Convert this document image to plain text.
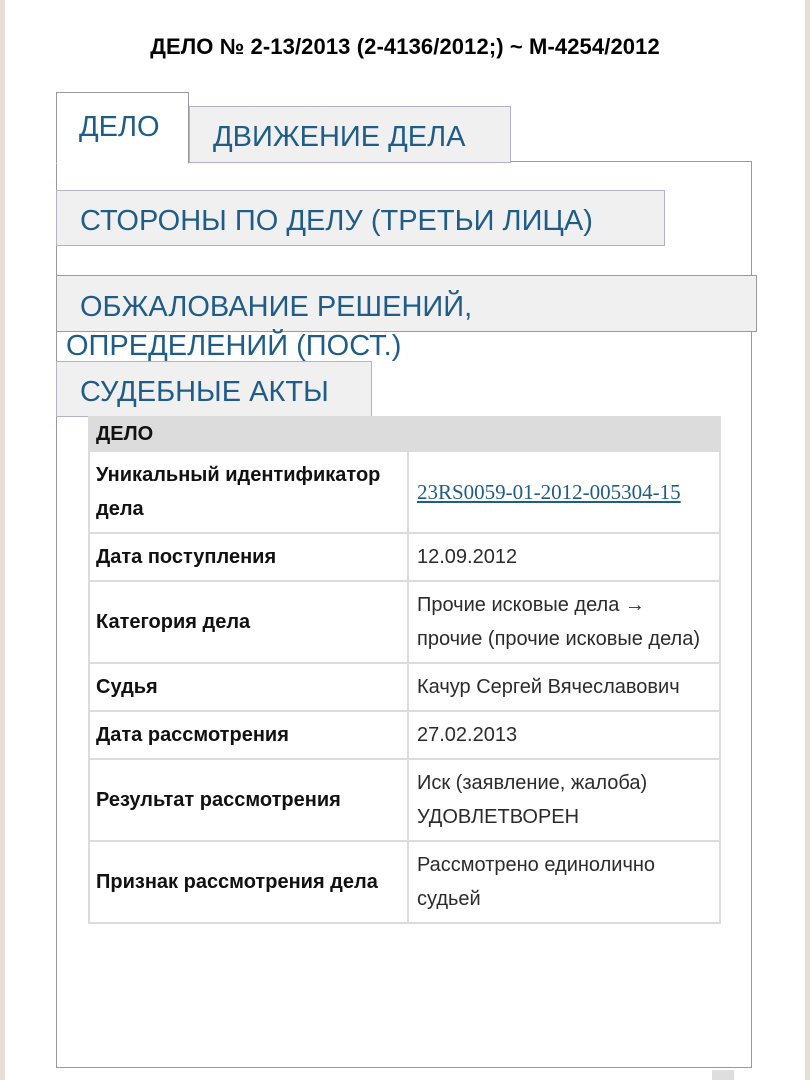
ДЕЛО № 2-13/2013 (2-4136/2012;) ~ М-4254/2012
ДЕЛО	ДВИЖЕНИЕ ДЕЛА
СТОРОНЫ ПО ДЕЛУ (ТРЕТЬИ ЛИЦА)
ОБЖАЛОВАНИЕ РЕШЕНИЙ,
ОПРЕДЕЛЕНИЙ (ПОСТ.)
СУДЕБНЫЕ АКТЫ
ДЕЛО	
Уникальный идентификатор дела	23RS0059-01-2012-005304-15
Дата поступления	12.09.2012
Категория дела	Прочие исковые дела → прочие (прочие исковые дела)
Судья	Качур Сергей Вячеславович
Дата рассмотрения	27.02.2013
Результат рассмотрения	Иск (заявление, жалоба) УДОВЛЕТВОРЕН
Признак рассмотрения дела	Рассмотрено единолично судьей
